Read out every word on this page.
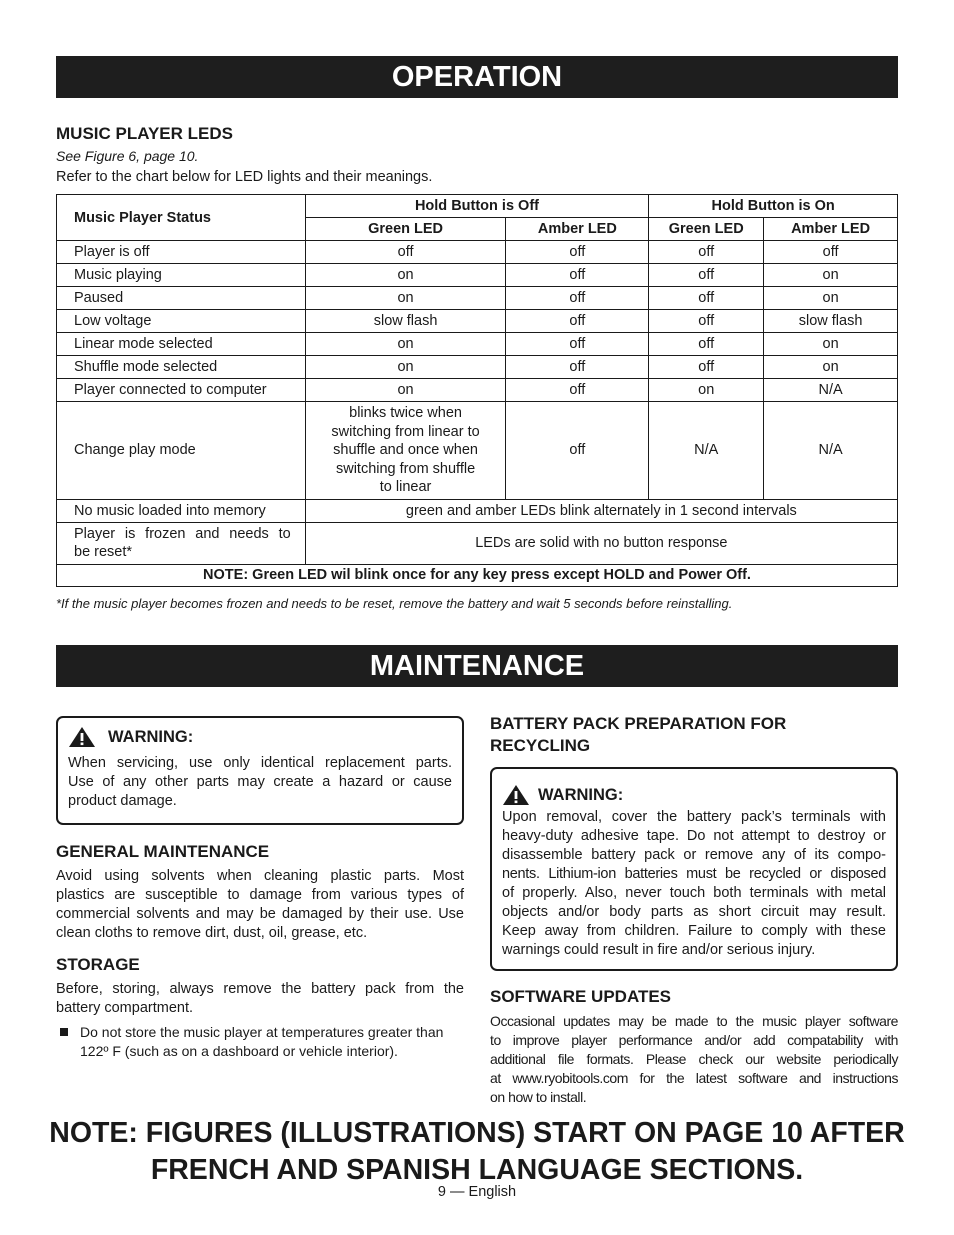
OPERATION
MUSIC PLAYER LEDS

See Figure 6, page 10.

Refer to the chart below for LED lights and their meanings.

Music Player Status	Hold Button is Off		Hold Button is On	
	Green LED	Amber LED	Green LED	Amber LED
Player is off	off	off	off	off
Music playing	on	off	off	on
Paused	on	off	off	on
Low voltage	slow flash	off	off	slow flash
Linear mode selected	on	off	off	on
Shuffle mode selected	on	off	off	on
Player connected to computer	on	off	on	N/A
Change play mode	blinks twice when
switching from linear to
shuffle and once when
switching from shuffle
to linear	off	N/A	N/A
No music loaded into memory	green and amber LEDs blink alternately in 1 second intervals			

Player is frozen and needs to
be reset*	LEDs are solid with no button response			
NOTE: Green LED wil blink once for any key press except HOLD and Power Off.				

*If the music player becomes frozen and needs to be reset, remove the battery and wait 5 seconds before reinstalling.

MAINTENANCE
WARNING:
When servicing, use only identical replacement parts.
Use of any other parts may create a hazard or cause
product damage.
GENERAL MAINTENANCE
Avoid using solvents when cleaning plastic parts. Most
plastics are susceptible to damage from various types of
commercial solvents and may be damaged by their use. Use
clean cloths to remove dirt, dust, oil, grease, etc.
STORAGE
Before, storing, always remove the battery pack from the
battery compartment.
Do not store the music player at temperatures greater than
122º F (such as on a dashboard or vehicle interior).
BATTERY PACK PREPARATION FOR
RECYCLING
WARNING:
Upon removal, cover the battery pack’s terminals with
heavy-duty adhesive tape. Do not attempt to destroy or
disassemble battery pack or remove any of its compo-
nents. Lithium-ion batteries must be recycled or disposed
of properly. Also, never touch both terminals with metal
objects and/or body parts as short circuit may result.
Keep away from children. Failure to comply with these
warnings could result in fire and/or serious injury.
SOFTWARE UPDATES
Occasional updates may be made to the music player software
to improve player performance and/or add compatability with
additional file formats. Please check our website periodically
at www.ryobitools.com for the latest software and instructions
on how to install.
NOTE: FIGURES (ILLUSTRATIONS) START ON PAGE 10 AFTER
FRENCH AND SPANISH LANGUAGE SECTIONS.
9 — English
